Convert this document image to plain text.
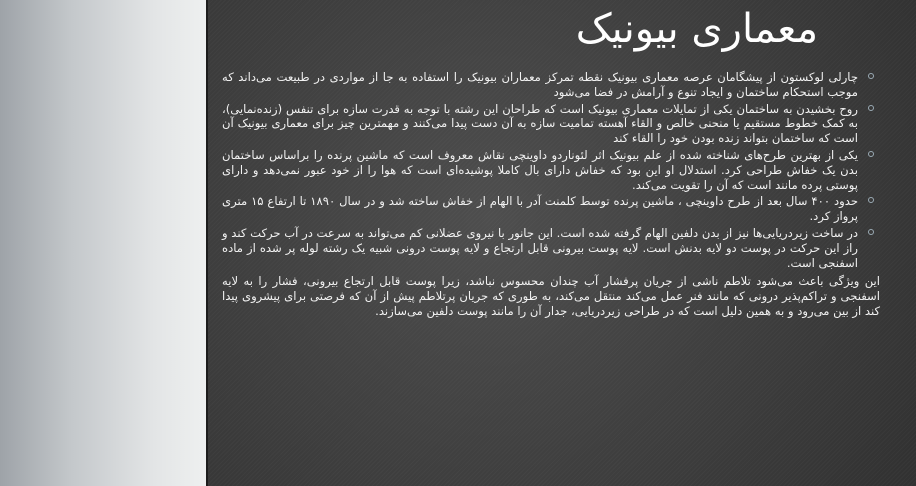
معماری بیونیک

چارلی لوکستون از پیشگامان عرصه معماری بیونیک نقطه تمرکز معماران بیونیک را استفاده به جا از مواردی در طبیعت می‌داند که موجب استحکام ساختمان و ایجاد تنوع و آرامش در فضا می‌شود

روح بخشیدن به ساختمان یکی از تمایلات معماری بیونیک است که طراحان این رشته با توجه به قدرت سازه برای تنفس (زنده‌نمایی)، به کمک خطوط مستقیم یا منحنی خالص و القاء آهسته تمامیت سازه به آن دست پیدا می‌کنند و مهمترین چیز برای معماری بیونیک آن است که ساختمان بتواند زنده بودن خود را القاء کند

یکی از بهترین طرح‌های شناخته شده از علم بیونیک اثر لئوناردو داوینچی نقاش معروف است که ماشین پرنده را براساس ساختمان بدن یک خفاش طراحی کرد. استدلال او این بود که خفاش دارای بال کاملا پوشیده‌ای است که هوا را از خود عبور نمی‌دهد و دارای پوستی پرده مانند است که آن را تقویت می‌کند.

حدود ۴۰۰ سال بعد از طرح داوینچی ، ماشین پرنده توسط کلمنت آدر با الهام از خفاش ساخته شد و در سال ۱۸۹۰ تا ارتفاع ۱۵ متری پرواز کرد.

در ساخت زیردریایی‌ها نیز از بدن دلفین الهام گرفته شده است. این جانور با نیروی عضلانی کم می‌تواند به سرعت در آب حرکت کند و راز این حرکت در پوست دو لایه بدنش است. لایه پوست بیرونی قابل ارتجاع و لایه پوست درونی شبیه یک رشته لوله پر شده از ماده اسفنجی است.

این ویژگی باعث می‌شود تلاطم ناشی از جریان پرفشار آب چندان محسوس نباشد، زیرا پوست قابل ارتجاع بیرونی، فشار را به لایه اسفنجی و تراکم‌پذیر درونی که مانند فنر عمل می‌کند منتقل می‌کند، به طوری که جریان پرتلاطم پیش از آن که فرصتی برای پیشروی پیدا کند از بین می‌رود و به همین دلیل است که در طراحی زیردریایی، جدار آن را مانند پوست دلفین می‌سازند.
